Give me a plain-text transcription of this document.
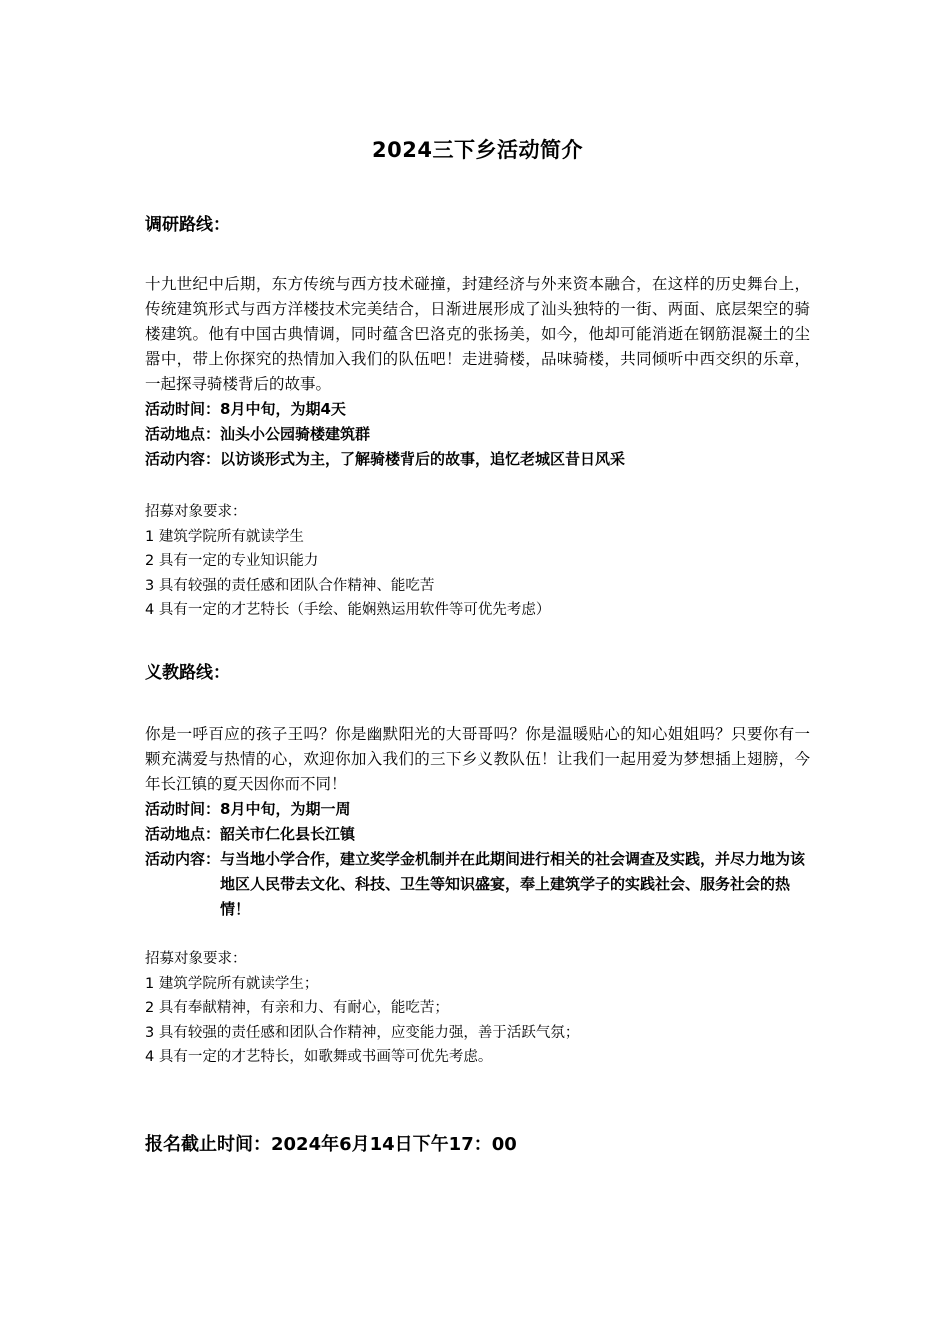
2024三下乡活动简介
调研路线：

十九世纪中后期，东方传统与西方技术碰撞，封建经济与外来资本融合，在这样的历史舞台上，传统建筑形式与西方洋楼技术完美结合，日渐进展形成了汕头独特的一街、两面、底层架空的骑楼建筑。他有中国古典情调，同时蕴含巴洛克的张扬美，如今，他却可能消逝在钢筋混凝土的尘嚣中，带上你探究的热情加入我们的队伍吧！走进骑楼，品味骑楼，共同倾听中西交织的乐章，一起探寻骑楼背后的故事。

活动时间： 8月中旬，为期4天
活动地点： 汕头小公园骑楼建筑群
活动内容： 以访谈形式为主，了解骑楼背后的故事，追忆老城区昔日风采
招募对象要求：
1 建筑学院所有就读学生
2 具有一定的专业知识能力
3 具有较强的责任感和团队合作精神、能吃苦
4 具有一定的才艺特长（手绘、能娴熟运用软件等可优先考虑）
义教路线：

你是一呼百应的孩子王吗？你是幽默阳光的大哥哥吗？你是温暖贴心的知心姐姐吗？只要你有一颗充满爱与热情的心，欢迎你加入我们的三下乡义教队伍！让我们一起用爱为梦想插上翅膀，今年长江镇的夏天因你而不同！

活动时间： 8月中旬，为期一周
活动地点： 韶关市仁化县长江镇
活动内容： 与当地小学合作，建立奖学金机制并在此期间进行相关的社会调查及实践，并尽力地为该地区人民带去文化、科技、卫生等知识盛宴，奉上建筑学子的实践社会、服务社会的热情！
招募对象要求：
1 建筑学院所有就读学生；
2 具有奉献精神，有亲和力、有耐心，能吃苦；
3 具有较强的责任感和团队合作精神，应变能力强，善于活跃气氛；
4 具有一定的才艺特长，如歌舞或书画等可优先考虑。
报名截止时间：2024年6月14日下午17：00
